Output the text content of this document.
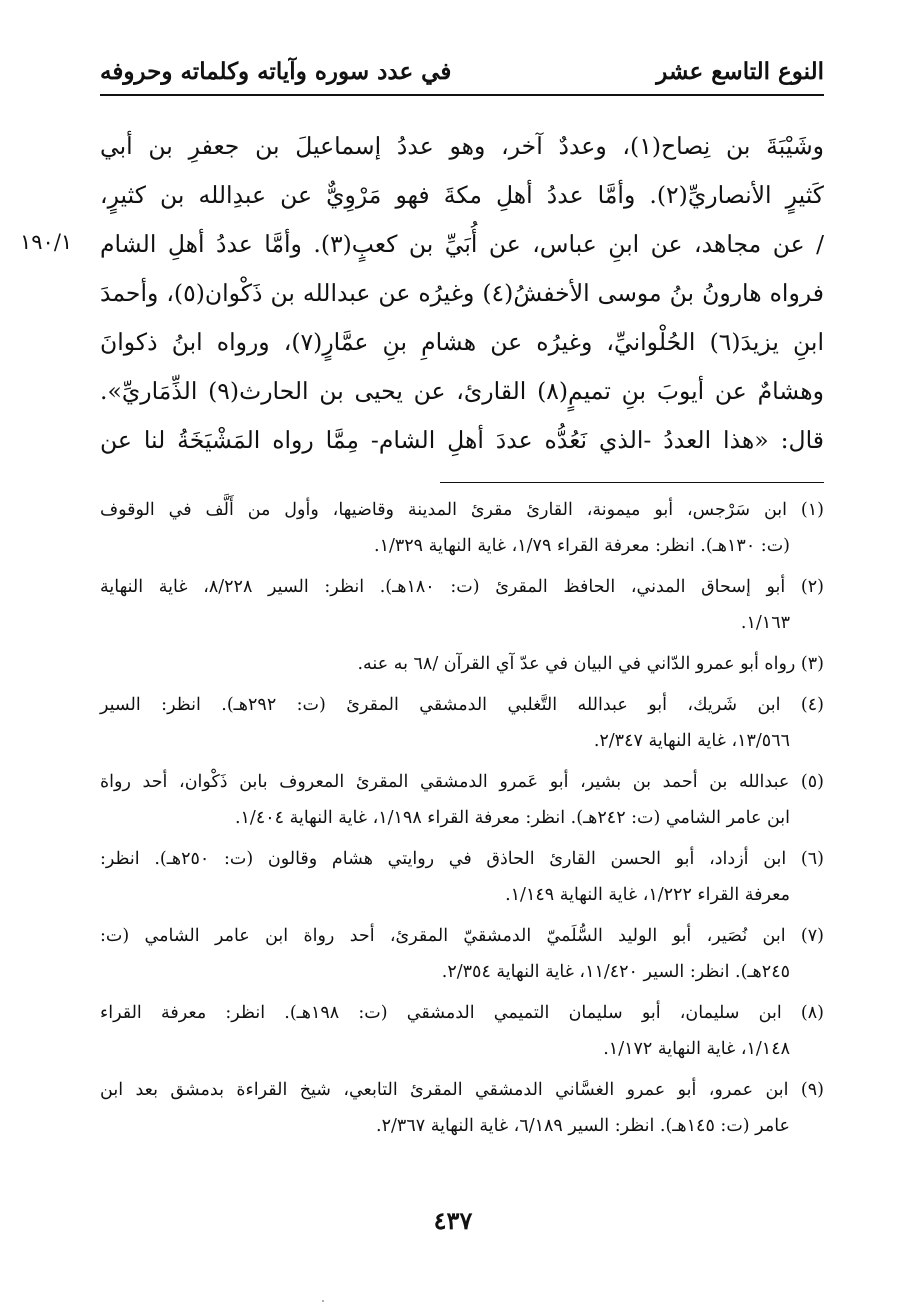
النوع التاسع عشر
في عدد سوره وآياته وكلماته وحروفه
١٩٠/١
وشَيْبَةَ بن نِصاح(١)، وعددٌ آخر، وهو عددُ إسماعيلَ بن جعفرِ بن أبي
كَثيرٍ الأنصاريِّ(٢). وأمَّا عددُ أهلِ مكةَ فهو مَرْوِيٌّ عن عبدِالله بن كثيرٍ،
/ عن مجاهد، عن ابنِ عباس، عن أُبَيِّ بن كعبٍ(٣). وأمَّا عددُ أهلِ الشام
فرواه هارونُ بنُ موسى الأخفشُ(٤) وغيرُه عن عبدالله بن ذَكْوان(٥)، وأحمدَ
ابنِ يزيدَ(٦) الحُلْوانيِّ، وغيرُه عن هشامِ بنِ عمَّارٍ(٧)، ورواه ابنُ ذكوانَ
وهشامٌ عن أيوبَ بنِ تميمٍ(٨) القارئ، عن يحيى بن الحارث(٩) الذِّمَاريِّ».
قال: «هذا العددُ -الذي نَعُدُّه عددَ أهلِ الشام- مِمَّا رواه المَشْيَخَةُ لنا عن
(١) ابن سَرْجس، أبو ميمونة، القارئ مقرئ المدينة وقاضيها، وأول من أَلَّف في الوقوف
(ت: ١٣٠هـ). انظر: معرفة القراء ١/٧٩، غاية النهاية ١/٣٢٩.
(٢) أبو إسحاق المدني، الحافظ المقرئ (ت: ١٨٠هـ). انظر: السير ٨/٢٢٨، غاية النهاية
١/١٦٣.
(٣) رواه أبو عمرو الدّاني في البيان في عدّ آي القرآن /٦٨ به عنه.
(٤) ابن شَريك، أبو عبدالله التَّغلبي الدمشقي المقرئ (ت: ٢٩٢هـ). انظر: السير
١٣/٥٦٦، غاية النهاية ٢/٣٤٧.
(٥) عبدالله بن أحمد بن بشير، أبو عَمرو الدمشقي المقرئ المعروف بابن ذَكْوان، أحد رواة
ابن عامر الشامي (ت: ٢٤٢هـ). انظر: معرفة القراء ١/١٩٨، غاية النهاية ١/٤٠٤.
(٦) ابن أزداد، أبو الحسن القارئ الحاذق في روايتي هشام وقالون (ت: ٢٥٠هـ). انظر:
معرفة القراء ١/٢٢٢، غاية النهاية ١/١٤٩.
(٧) ابن نُصَير، أبو الوليد السُّلَميّ الدمشقيّ المقرئ، أحد رواة ابن عامر الشامي (ت:
٢٤٥هـ). انظر: السير ١١/٤٢٠، غاية النهاية ٢/٣٥٤.
(٨) ابن سليمان، أبو سليمان التميمي الدمشقي (ت: ١٩٨هـ). انظر: معرفة القراء
١/١٤٨، غاية النهاية ١/١٧٢.
(٩) ابن عمرو، أبو عمرو الغسَّاني الدمشقي المقرئ التابعي، شيخ القراءة بدمشق بعد ابن
عامر (ت: ١٤٥هـ). انظر: السير ٦/١٨٩، غاية النهاية ٢/٣٦٧.
٤٣٧
